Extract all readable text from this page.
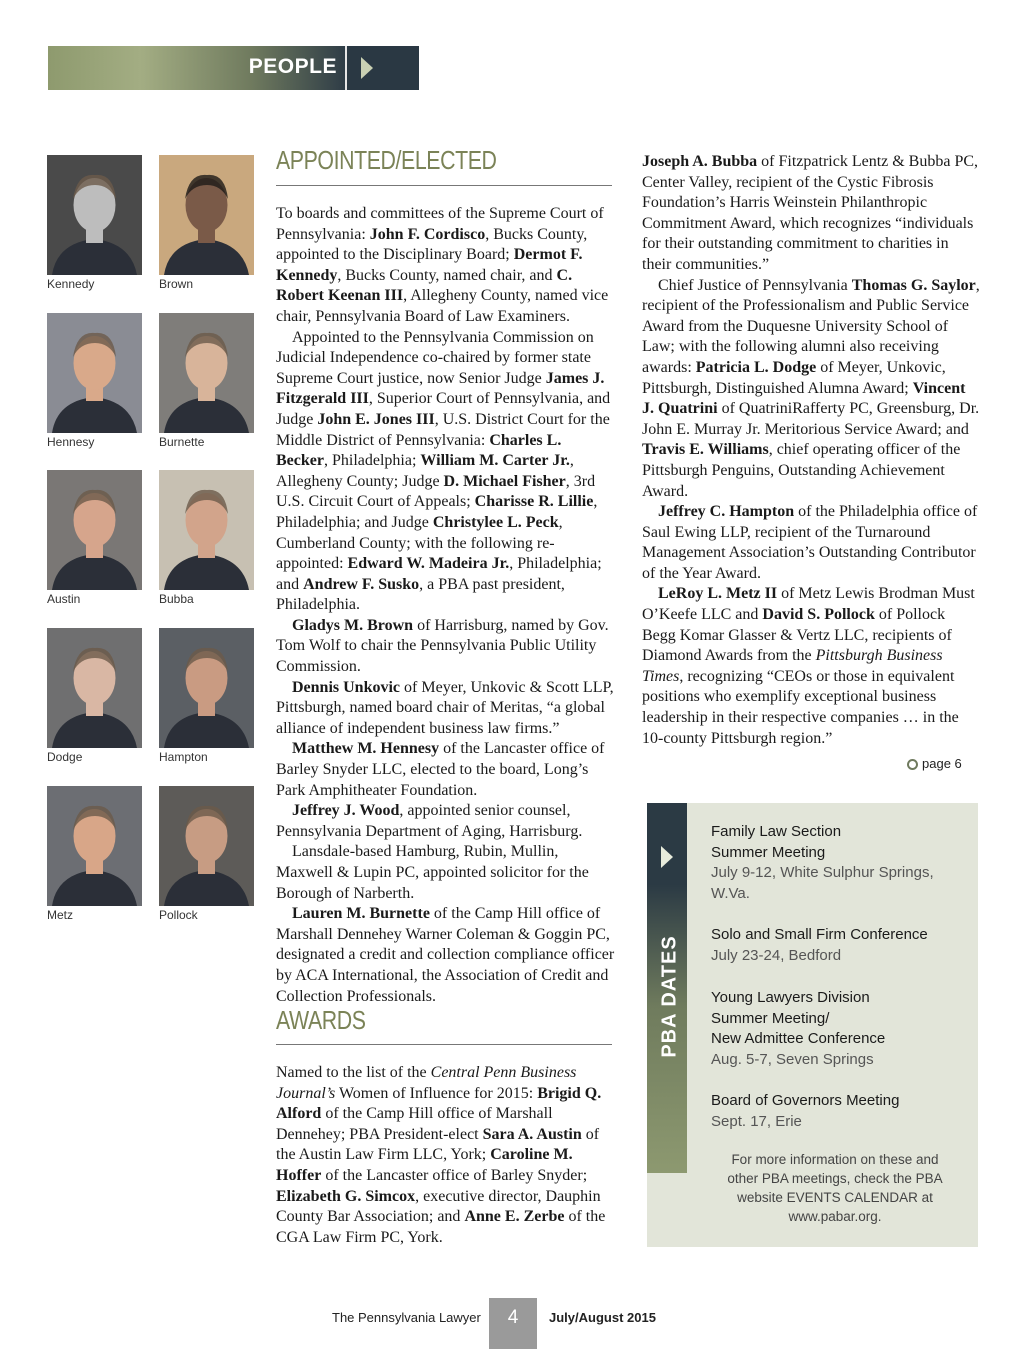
PEOPLE
Kennedy	Brown
Hennesy	Burnette
Austin	Bubba
Dodge	Hampton
Metz	Pollock
APPOINTED/ELECTED

To boards and committees of the Supreme Court of Pennsylvania: John F. Cordisco, Bucks County, appointed to the Disciplinary Board; Dermot F. Kennedy, Bucks County, named chair, and C. Robert Keenan III, Allegheny County, named vice chair, Pennsylvania Board of Law Examiners.

Appointed to the Pennsylvania Commission on Judicial Independence co-chaired by former state Supreme Court justice, now Senior Judge James J. Fitzgerald III, Superior Court of Pennsylvania, and Judge John E. Jones III, U.S. District Court for the Middle District of Pennsylvania: Charles L. Becker, Philadelphia; William M. Carter Jr., Allegheny County; Judge D. Michael Fisher, 3rd U.S. Circuit Court of Appeals; Charisse R. Lillie, Philadelphia; and Judge Christylee L. Peck, Cumberland County; with the following re-appointed: Edward W. Madeira Jr., Philadelphia; and Andrew F. Susko, a PBA past president, Philadelphia.

Gladys M. Brown of Harrisburg, named by Gov. Tom Wolf to chair the Pennsylvania Public Utility Commission.

Dennis Unkovic of Meyer, Unkovic & Scott LLP, Pittsburgh, named board chair of Meritas, “a global alliance of independent business law firms.”

Matthew M. Hennesy of the Lancaster office of Barley Snyder LLC, elected to the board, Long’s Park Amphitheater Foundation.

Jeffrey J. Wood, appointed senior counsel, Pennsylvania Department of Aging, Harrisburg.

Lansdale-based Hamburg, Rubin, Mullin, Maxwell & Lupin PC, appointed solicitor for the Borough of Narberth.

Lauren M. Burnette of the Camp Hill office of Marshall Dennehey Warner Coleman & Goggin PC, designated a credit and collection compliance officer by ACA International, the Association of Credit and Collection Professionals.

AWARDS

Named to the list of the Central Penn Business Journal’s Women of Influence for 2015: Brigid Q. Alford of the Camp Hill office of Marshall Dennehey; PBA President-elect Sara A. Austin of the Austin Law Firm LLC, York; Caroline M. Hoffer of the Lancaster office of Barley Snyder; Elizabeth G. Simcox, executive director, Dauphin County Bar Association; and Anne E. Zerbe of the CGA Law Firm PC, York.

Joseph A. Bubba of Fitzpatrick Lentz & Bubba PC, Center Valley, recipient of the Cystic Fibrosis Foundation’s Harris Weinstein Philanthropic Commitment Award, which recognizes “individuals for their outstanding commitment to charities in their communities.”

Chief Justice of Pennsylvania Thomas G. Saylor, recipient of the Professionalism and Public Service Award from the Duquesne University School of Law; with the following alumni also receiving awards: Patricia L. Dodge of Meyer, Unkovic, Pittsburgh, Distinguished Alumna Award; Vincent J. Quatrini of QuatriniRafferty PC, Greensburg, Dr. John E. Murray Jr. Meritorious Service Award; and Travis E. Williams, chief operating officer of the Pittsburgh Penguins, Outstanding Achievement Award.

Jeffrey C. Hampton of the Philadelphia office of Saul Ewing LLP, recipient of the Turnaround Management Association’s Outstanding Contributor of the Year Award.

LeRoy L. Metz II of Metz Lewis Brodman Must O’Keefe LLC and David S. Pollock of Pollock Begg Komar Glasser & Vertz LLC, recipients of Diamond Awards from the Pittsburgh Business Times, recognizing “CEOs or those in equivalent positions who exemplify exceptional business leadership in their respective companies … in the 10-county Pittsburgh region.”

page 6
PBA DATES
Family Law Section
Summer Meeting
July 9-12, White Sulphur Springs,
W.Va.
Solo and Small Firm Conference
July 23-24, Bedford
Young Lawyers Division
Summer Meeting/
New Admittee Conference
Aug. 5-7, Seven Springs
Board of Governors Meeting
Sept. 17, Erie
For more information on these and other PBA meetings, check the PBA website EVENTS CALENDAR at www.pabar.org.
The Pennsylvania Lawyer	4	July/August 2015
